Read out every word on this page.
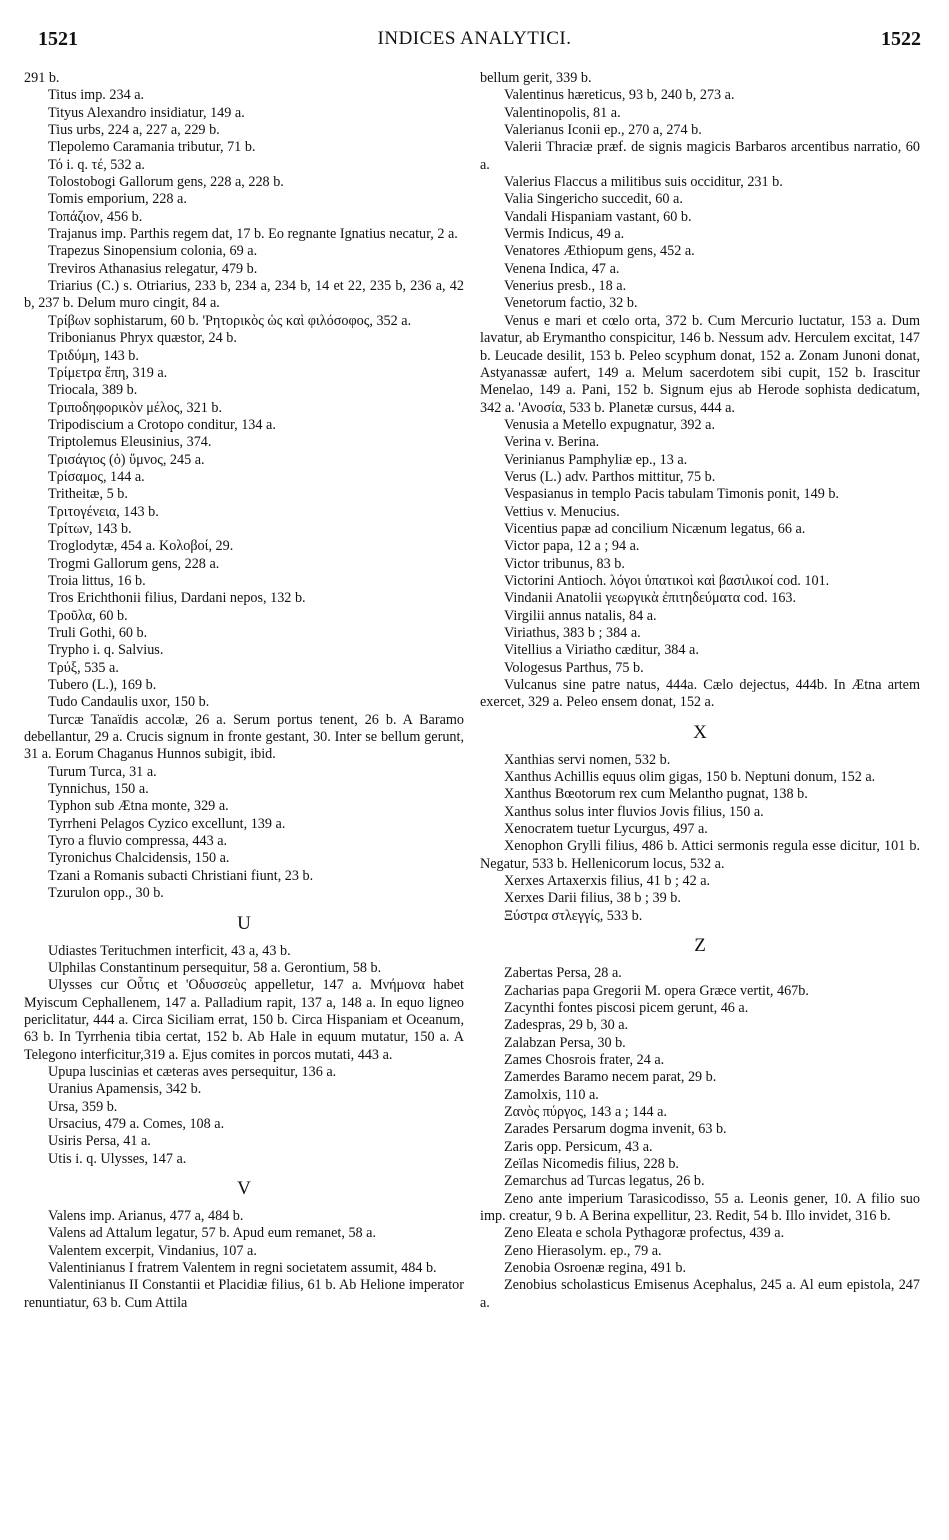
1521	INDICES ANALYTICI.	1522

291 b.

Titus imp. 234 a.

Tityus Alexandro insidiatur, 149 a.

Tius urbs, 224 a, 227 a, 229 b.

Tlepolemo Caramania tributur, 71 b.

Τό i. q. τέ, 532 a.

Tolostobogi Gallorum gens, 228 a, 228 b.

Tomis emporium, 228 a.

Τοπάζιον, 456 b.

Trajanus imp. Parthis regem dat, 17 b. Eo regnante Ignatius necatur, 2 a.

Trapezus Sinopensium colonia, 69 a.

Treviros Athanasius relegatur, 479 b.

Triarius (C.) s. Otriarius, 233 b, 234 a, 234 b, 14 et 22, 235 b, 236 a, 42 b, 237 b. Delum muro cingit, 84 a.

Τρίβων sophistarum, 60 b. 'Ρητορικὸς ὡς καὶ φιλόσοφος, 352 a.

Tribonianus Phryx quæstor, 24 b.

Τριδύμη, 143 b.

Τρίμετρα ἔπη, 319 a.

Triocala, 389 b.

Τριποδηφορικὸν μέλος, 321 b.

Tripodiscium a Crotopo conditur, 134 a.

Triptolemus Eleusinius, 374.

Τρισάγιος (ὁ) ὕμνος, 245 a.

Τρίσαμος, 144 a.

Tritheitæ, 5 b.

Τριτογένεια, 143 b.

Τρίτων, 143 b.

Troglodytæ, 454 a. Κολοβοί, 29.

Trogmi Gallorum gens, 228 a.

Troia littus, 16 b.

Tros Erichthonii filius, Dardani nepos, 132 b.

Τροῦλα, 60 b.

Truli Gothi, 60 b.

Trypho i. q. Salvius.

Τρύξ, 535 a.

Tubero (L.), 169 b.

Tudo Candaulis uxor, 150 b.

Turcæ Tanaïdis accolæ, 26 a. Serum portus tenent, 26 b. A Baramo debellantur, 29 a. Crucis signum in fronte gestant, 30. Inter se bellum gerunt, 31 a. Eorum Chaganus Hunnos subigit, ibid.

Turum Turca, 31 a.

Tynnichus, 150 a.

Typhon sub Ætna monte, 329 a.

Tyrrheni Pelagos Cyzico excellunt, 139 a.

Tyro a fluvio compressa, 443 a.

Tyronichus Chalcidensis, 150 a.

Tzani a Romanis subacti Christiani fiunt, 23 b.

Tzurulon opp., 30 b.

U

Udiastes Terituchmen interficit, 43 a, 43 b.

Ulphilas Constantinum persequitur, 58 a. Gerontium, 58 b.

Ulysses cur Οὖτις et 'Οδυσσεὺς appelletur, 147 a. Μνήμονα habet Myiscum Cephallenem, 147 a. Palladium rapit, 137 a, 148 a. In equo ligneo periclitatur, 444 a. Circa Siciliam errat, 150 b. Circa Hispaniam et Oceanum, 63 b. In Tyrrhenia tibia certat, 152 b. Ab Hale in equum mutatur, 150 a. A Telegono interficitur,319 a. Ejus comites in porcos mutati, 443 a.

Upupa luscinias et cæteras aves persequitur, 136 a.

Uranius Apamensis, 342 b.

Ursa, 359 b.

Ursacius, 479 a. Comes, 108 a.

Usiris Persa, 41 a.

Utis i. q. Ulysses, 147 a.

V

Valens imp. Arianus, 477 a, 484 b.

Valens ad Attalum legatur, 57 b. Apud eum remanet, 58 a.

Valentem excerpit, Vindanius, 107 a.

Valentinianus I fratrem Valentem in regni societatem assumit, 484 b.

Valentinianus II Constantii et Placidiæ filius, 61 b. Ab Helione imperator renuntiatur, 63 b. Cum Attila

bellum gerit, 339 b.

Valentinus hæreticus, 93 b, 240 b, 273 a.

Valentinopolis, 81 a.

Valerianus Iconii ep., 270 a, 274 b.

Valerii Thraciæ præf. de signis magicis Barbaros arcentibus narratio, 60 a.

Valerius Flaccus a militibus suis occiditur, 231 b.

Valia Singericho succedit, 60 a.

Vandali Hispaniam vastant, 60 b.

Vermis Indicus, 49 a.

Venatores Æthiopum gens, 452 a.

Venena Indica, 47 a.

Venerius presb., 18 a.

Venetorum factio, 32 b.

Venus e mari et cœlo orta, 372 b. Cum Mercurio luctatur, 153 a. Dum lavatur, ab Erymantho conspicitur, 146 b. Nessum adv. Herculem excitat, 147 b. Leucade desilit, 153 b. Peleo scyphum donat, 152 a. Zonam Junoni donat, Astyanassæ aufert, 149 a. Melum sacerdotem sibi cupit, 152 b. Irascitur Menelao, 149 a. Pani, 152 b. Signum ejus ab Herode sophista dedicatum, 342 a. 'Ανοσία, 533 b. Planetæ cursus, 444 a.

Venusia a Metello expugnatur, 392 a.

Verina v. Berina.

Verinianus Pamphyliæ ep., 13 a.

Verus (L.) adv. Parthos mittitur, 75 b.

Vespasianus in templo Pacis tabulam Timonis ponit, 149 b.

Vettius v. Menucius.

Vicentius papæ ad concilium Nicænum legatus, 66 a.

Victor papa, 12 a ; 94 a.

Victor tribunus, 83 b.

Victorini Antioch. λόγοι ὑπατικοὶ καὶ βασιλικοί cod. 101.

Vindanii Anatolii γεωργικὰ ἐπιτηδεύματα cod. 163.

Virgilii annus natalis, 84 a.

Viriathus, 383 b ; 384 a.

Vitellius a Viriatho cæditur, 384 a.

Vologesus Parthus, 75 b.

Vulcanus sine patre natus, 444a. Cælo dejectus, 444b. In Ætna artem exercet, 329 a. Peleo ensem donat, 152 a.

X

Xanthias servi nomen, 532 b.

Xanthus Achillis equus olim gigas, 150 b. Neptuni donum, 152 a.

Xanthus Bœotorum rex cum Melantho pugnat, 138 b.

Xanthus solus inter fluvios Jovis filius, 150 a.

Xenocratem tuetur Lycurgus, 497 a.

Xenophon Grylli filius, 486 b. Attici sermonis regula esse dicitur, 101 b. Negatur, 533 b. Hellenicorum locus, 532 a.

Xerxes Artaxerxis filius, 41 b ; 42 a.

Xerxes Darii filius, 38 b ; 39 b.

Ξύστρα στλεγγίς, 533 b.

Z

Zabertas Persa, 28 a.

Zacharias papa Gregorii M. opera Græce vertit, 467b.

Zacynthi fontes piscosi picem gerunt, 46 a.

Zadespras, 29 b, 30 a.

Zalabzan Persa, 30 b.

Zames Chosrois frater, 24 a.

Zamerdes Baramo necem parat, 29 b.

Zamolxis, 110 a.

Ζανὸς πύργος, 143 a ; 144 a.

Zarades Persarum dogma invenit, 63 b.

Zaris opp. Persicum, 43 a.

Zeïlas Nicomedis filius, 228 b.

Zemarchus ad Turcas legatus, 26 b.

Zeno ante imperium Tarasicodisso, 55 a. Leonis gener, 10. A filio suo imp. creatur, 9 b. A Berina expellitur, 23. Redit, 54 b. Illo invidet, 316 b.

Zeno Eleata e schola Pythagoræ profectus, 439 a.

Zeno Hierasolym. ep., 79 a.

Zenobia Osroenæ regina, 491 b.

Zenobius scholasticus Emisenus Acephalus, 245 a. Al eum epistola, 247 a.
